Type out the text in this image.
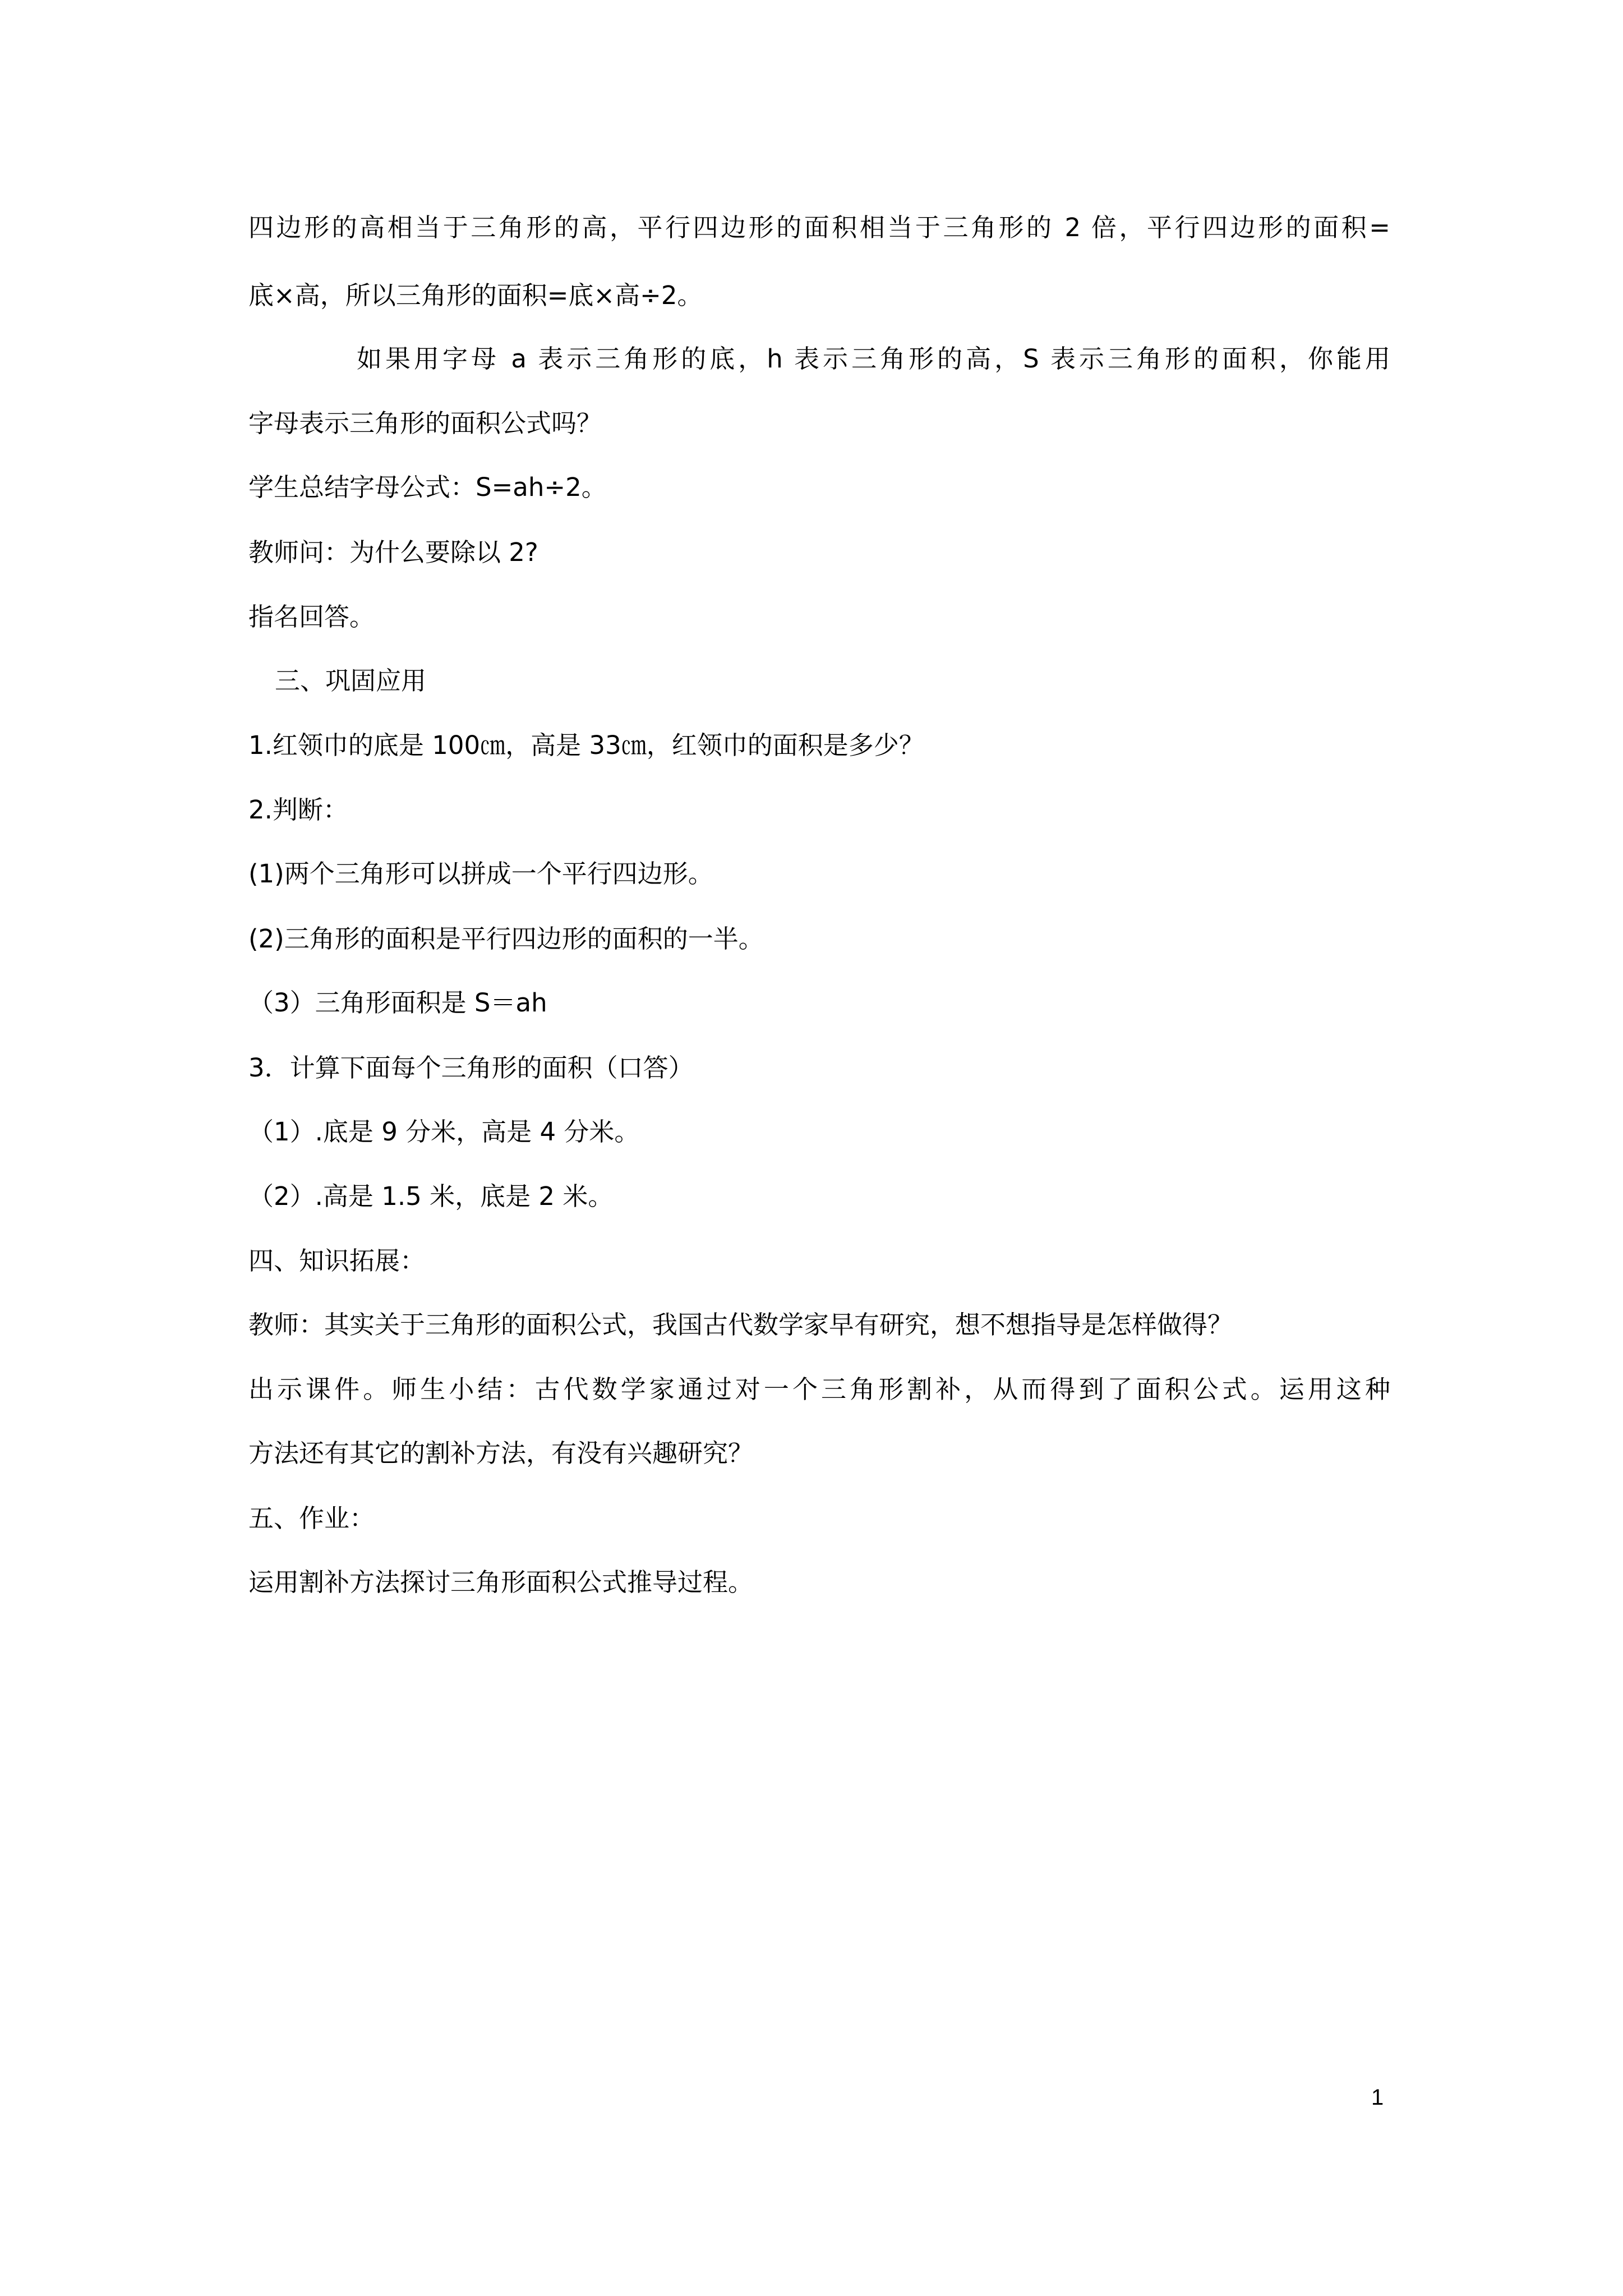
四边形的高相当于三角形的高，平行四边形的面积相当于三角形的 2 倍，平行四边形的面积=
底×高，所以三角形的面积=底×高÷2。
如果用字母 a 表示三角形的底，h 表示三角形的高，S 表示三角形的面积，你能用
字母表示三角形的面积公式吗？
学生总结字母公式：S=ah÷2。
教师问：为什么要除以 2?
指名回答。
三、巩固应用
1.红领巾的底是 100㎝，高是 33㎝，红领巾的面积是多少？
2.判断：
(1)两个三角形可以拼成一个平行四边形。
(2)三角形的面积是平行四边形的面积的一半。
（3）三角形面积是 S＝ah
3．计算下面每个三角形的面积（口答）
（1）.底是 9 分米，高是 4 分米。
（2）.高是 1.5 米，底是 2 米。
四、知识拓展：
教师：其实关于三角形的面积公式，我国古代数学家早有研究，想不想指导是怎样做得？
出示课件。师生小结：古代数学家通过对一个三角形割补，从而得到了面积公式。运用这种
方法还有其它的割补方法，有没有兴趣研究？
五、作业：
运用割补方法探讨三角形面积公式推导过程。
1
